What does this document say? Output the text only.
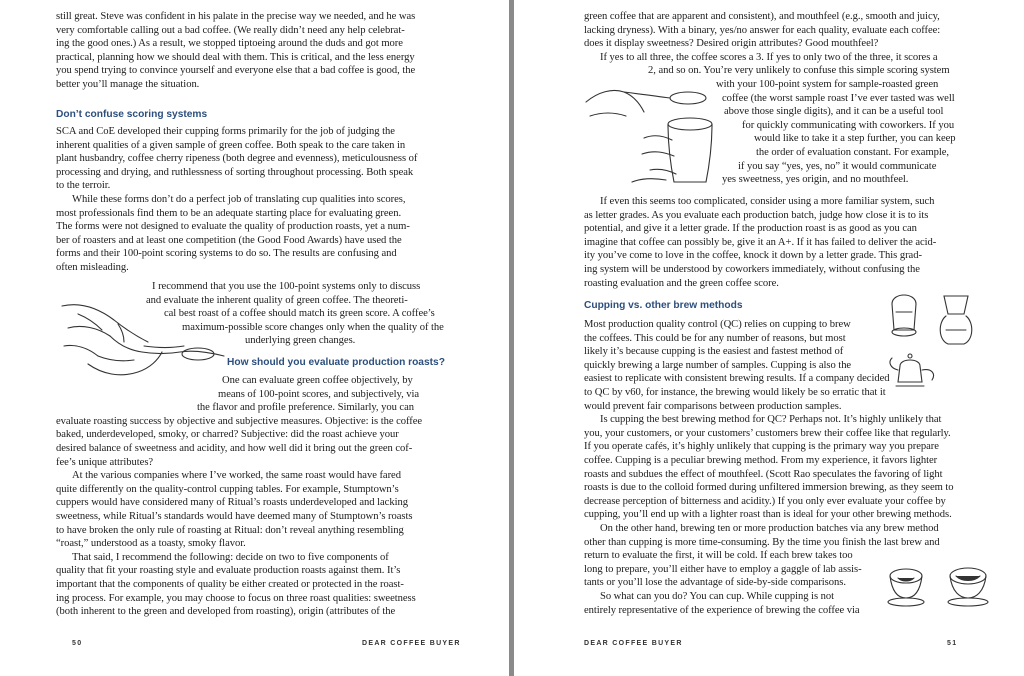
still great. Steve was confident in his palate in the precise way we needed, and he was
very comfortable calling out a bad coffee. (We really didn’t need any help celebrat-
ing the good ones.) As a result, we stopped tiptoeing around the duds and got more
practical, planning how we should deal with them. This is critical, and the less energy
you spend trying to convince yourself and everyone else that a bad coffee is good, the
better you’ll manage the situation.
Don’t confuse scoring systems
SCA and CoE developed their cupping forms primarily for the job of judging the
inherent qualities of a given sample of green coffee. Both speak to the care taken in
plant husbandry, coffee cherry ripeness (both degree and evenness), meticulousness of
processing and drying, and ruthlessness of sorting throughout processing. Both speak
to the terroir.
While these forms don’t do a perfect job of translating cup qualities into scores,
most professionals find them to be an adequate starting place for evaluating green.
The forms were not designed to evaluate the quality of production roasts, yet a num-
ber of roasters and at least one competition (the Good Food Awards) have used the
forms and their 100-point scoring systems to do so. The results are confusing and
often misleading.
I recommend that you use the 100-point systems only to discuss
and evaluate the inherent quality of green coffee. The theoreti-
cal best roast of a coffee should match its green score. A coffee’s
maximum-possible score changes only when the quality of the
underlying green changes.
How should you evaluate production roasts?
One can evaluate green coffee objectively, by
means of 100-point scores, and subjectively, via
the flavor and profile preference. Similarly, you can
evaluate roasting success by objective and subjective measures. Objective: is the coffee
baked, underdeveloped, smoky, or charred? Subjective: did the roast achieve your
desired balance of sweetness and acidity, and how well did it bring out the green cof-
fee’s unique attributes?
At the various companies where I’ve worked, the same roast would have fared
quite differently on the quality-control cupping tables. For example, Stumptown’s
cuppers would have considered many of Ritual’s roasts underdeveloped and lacking
sweetness, while Ritual’s standards would have deemed many of Stumptown’s roasts
to have broken the only rule of roasting at Ritual: don’t reveal anything resembling
“roast,” understood as a toasty, smoky flavor.
That said, I recommend the following: decide on two to five components of
quality that fit your roasting style and evaluate production roasts against them. It’s
important that the components of quality be either created or protected in the roast-
ing process. For example, you may choose to focus on three roast qualities: sweetness
(both inherent to the green and developed from roasting), origin (attributes of the
50	DEAR COFFEE BUYER
green coffee that are apparent and consistent), and mouthfeel (e.g., smooth and juicy,
lacking dryness). With a binary, yes/no answer for each quality, evaluate each coffee:
does it display sweetness? Desired origin attributes? Good mouthfeel?
If yes to all three, the coffee scores a 3. If yes to only two of the three, it scores a
2, and so on. You’re very unlikely to confuse this simple scoring system
with your 100-point system for sample-roasted green
coffee (the worst sample roast I’ve ever tasted was well
above those single digits), and it can be a useful tool
for quickly communicating with coworkers. If you
would like to take it a step further, you can keep
the order of evaluation constant. For example,
if you say “yes, yes, no” it would communicate
yes sweetness, yes origin, and no mouthfeel.
If even this seems too complicated, consider using a more familiar system, such
as letter grades. As you evaluate each production batch, judge how close it is to its
potential, and give it a letter grade. If the production roast is as good as you can
imagine that coffee can possibly be, give it an A+. If it has failed to deliver the acid-
ity you’ve come to love in the coffee, knock it down by a letter grade. This grad-
ing system will be understood by coworkers immediately, without confusing the
roasting evaluation and the green coffee score.
Cupping vs. other brew methods
Most production quality control (QC) relies on cupping to brew
the coffees. This could be for any number of reasons, but most
likely it’s because cupping is the easiest and fastest method of
quickly brewing a large number of samples. Cupping is also the
easiest to replicate with consistent brewing results. If a company decided
to QC by v60, for instance, the brewing would likely be so erratic that it
would prevent fair comparisons between production samples.
Is cupping the best brewing method for QC? Perhaps not. It’s highly unlikely that
you, your customers, or your customers’ customers brew their coffee like that regularly.
If you operate cafés, it’s highly unlikely that cupping is the primary way you prepare
coffee. Cupping is a peculiar brewing method. From my experience, it favors lighter
roasts and subdues the effect of mouthfeel. (Scott Rao speculates the favoring of light
roasts is due to the colloid formed during unfiltered immersion brewing, as they seem to
decrease perception of bitterness and acidity.) If you only ever evaluate your coffee by
cupping, you’ll end up with a lighter roast than is ideal for your other brewing methods.
On the other hand, brewing ten or more production batches via any brew method
other than cupping is more time-consuming. By the time you finish the last brew and
return to evaluate the first, it will be cold. If each brew takes too
long to prepare, you’ll either have to employ a gaggle of lab assis-
tants or you’ll lose the advantage of side-by-side comparisons.
So what can you do? You can cup. While cupping is not
entirely representative of the experience of brewing the coffee via
DEAR COFFEE BUYER	51
